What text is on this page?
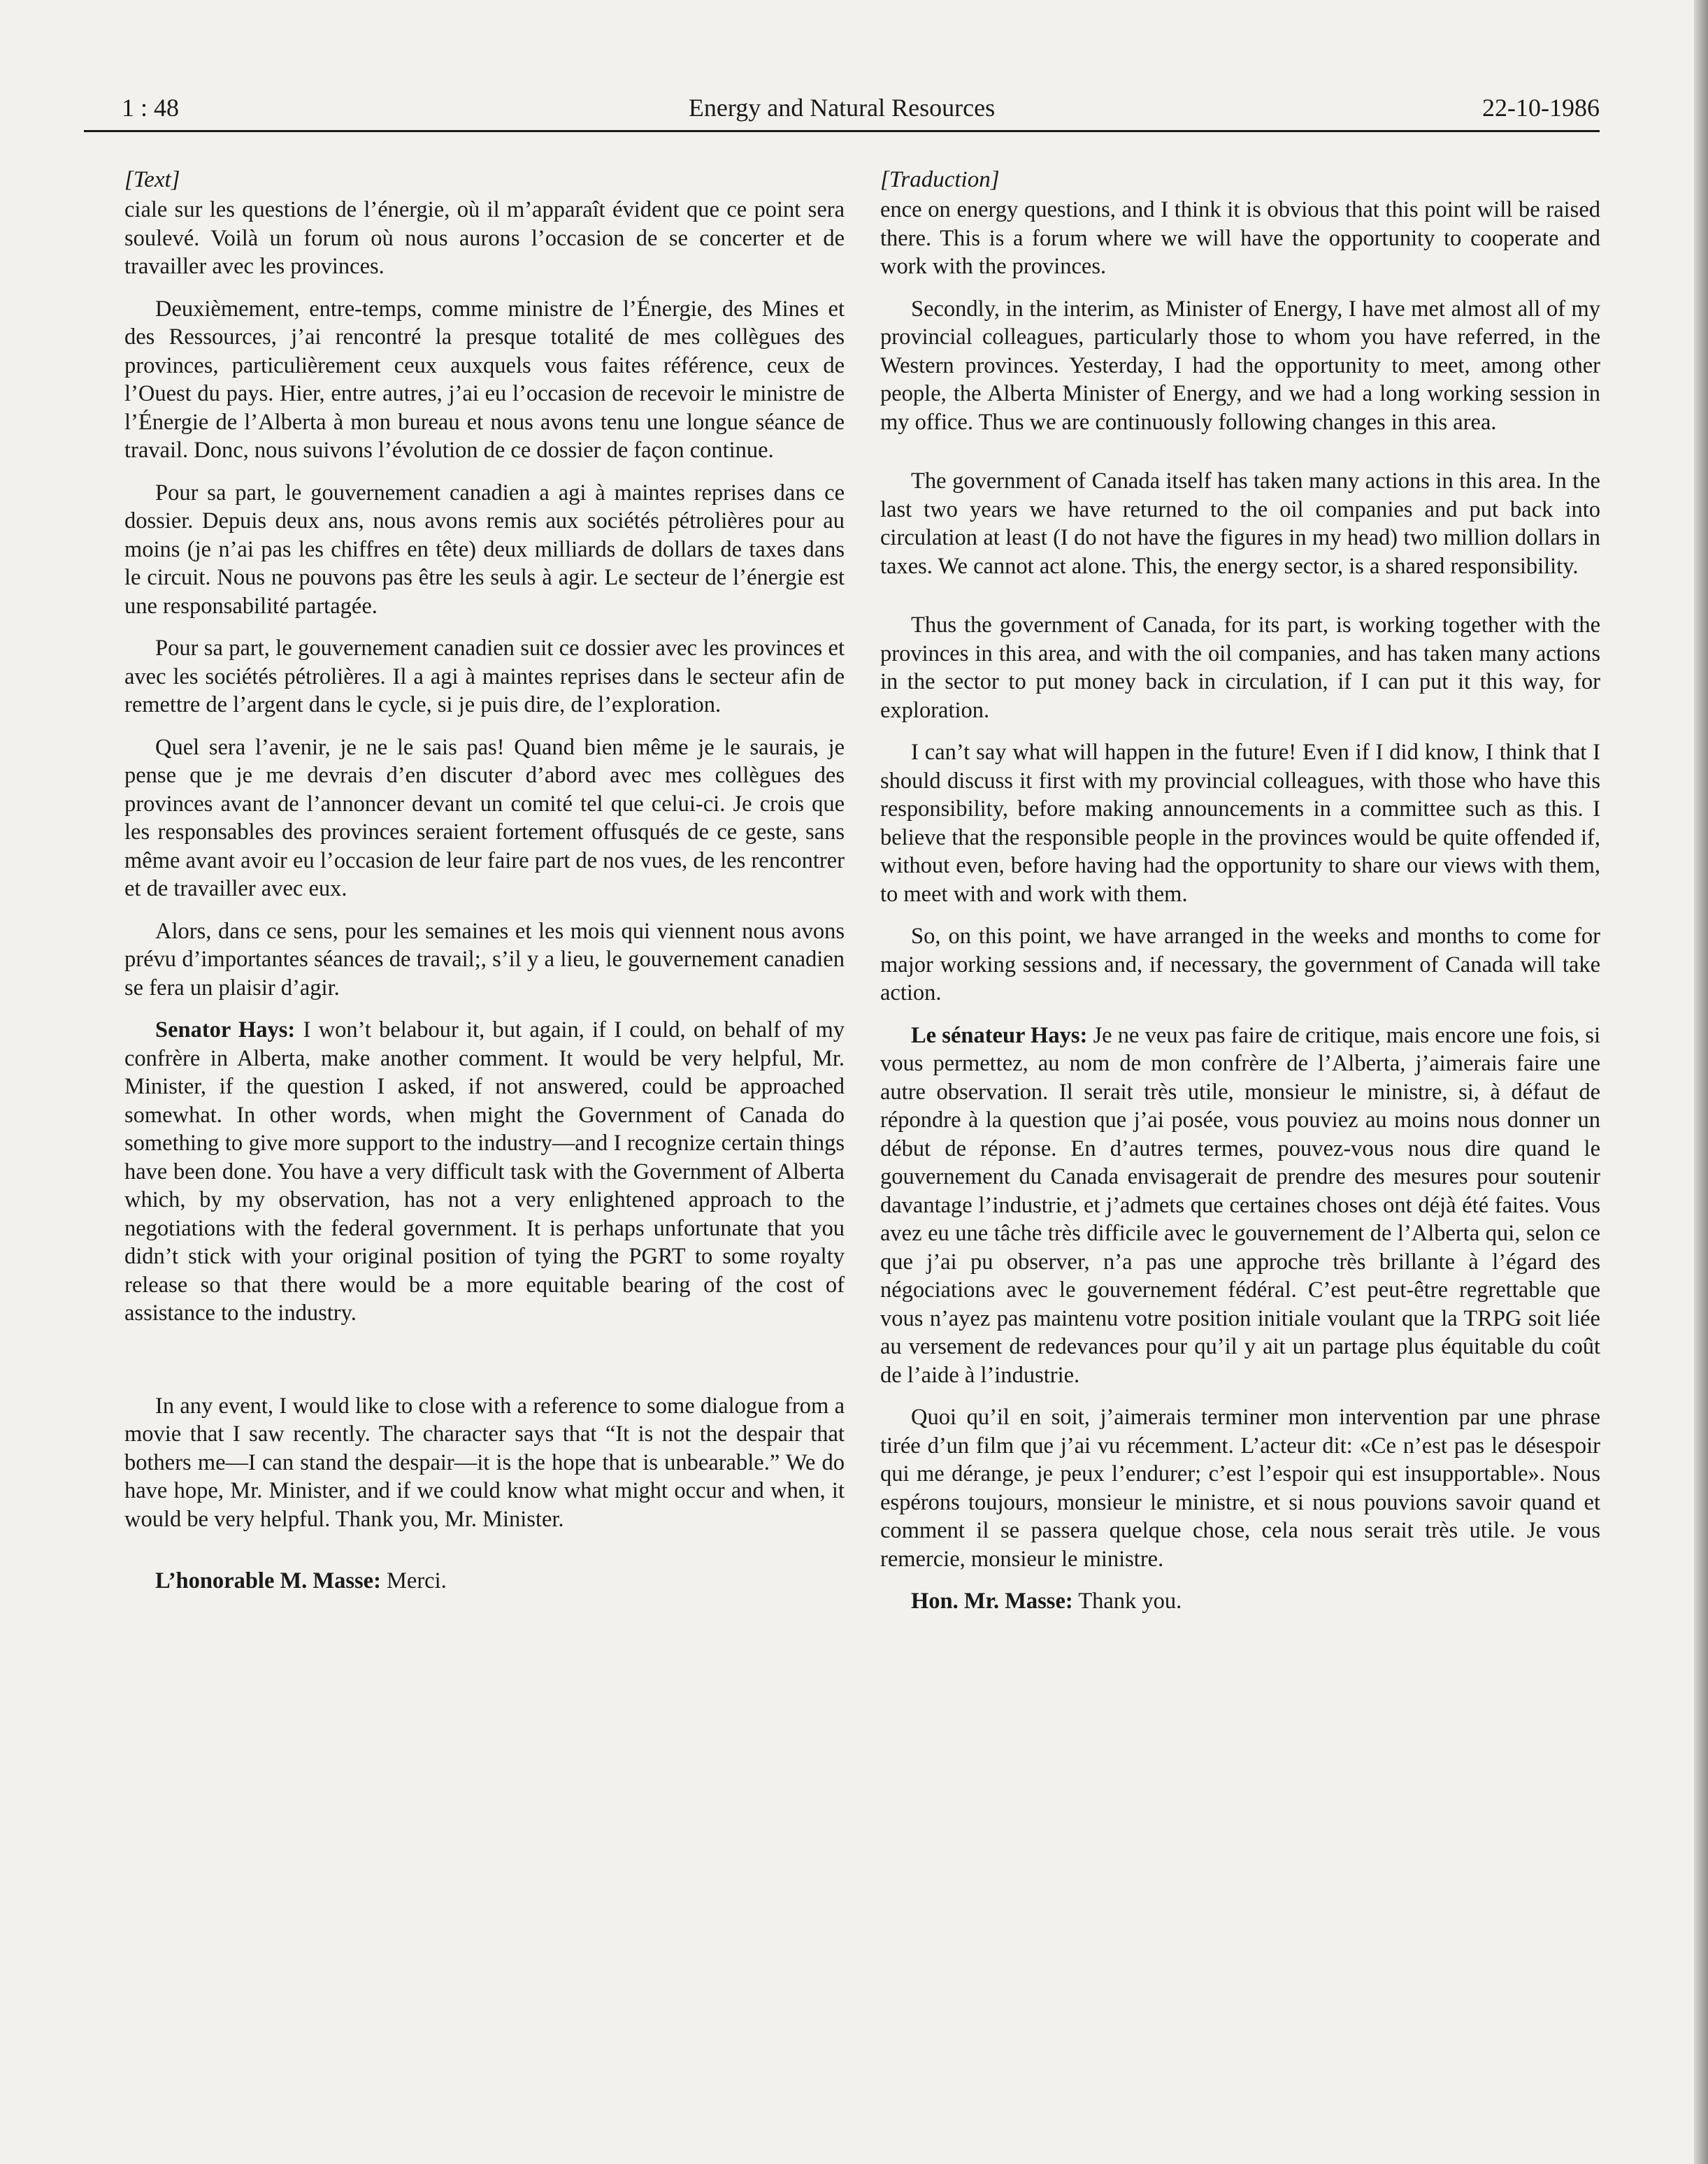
1 : 48	Energy and Natural Resources	22-10-1986
[Text]

ciale sur les questions de l’énergie, où il m’apparaît évident que ce point sera soulevé. Voilà un forum où nous aurons l’occasion de se concerter et de travailler avec les provinces.

Deuxièmement, entre-temps, comme ministre de l’Énergie, des Mines et des Ressources, j’ai rencontré la presque totalité de mes collègues des provinces, particulièrement ceux auxquels vous faites référence, ceux de l’Ouest du pays. Hier, entre autres, j’ai eu l’occasion de recevoir le ministre de l’Énergie de l’Alberta à mon bureau et nous avons tenu une longue séance de travail. Donc, nous suivons l’évolution de ce dossier de façon continue.

Pour sa part, le gouvernement canadien a agi à maintes reprises dans ce dossier. Depuis deux ans, nous avons remis aux sociétés pétrolières pour au moins (je n’ai pas les chiffres en tête) deux milliards de dollars de taxes dans le circuit. Nous ne pouvons pas être les seuls à agir. Le secteur de l’énergie est une responsabilité partagée.

Pour sa part, le gouvernement canadien suit ce dossier avec les provinces et avec les sociétés pétrolières. Il a agi à maintes reprises dans le secteur afin de remettre de l’argent dans le cycle, si je puis dire, de l’exploration.

Quel sera l’avenir, je ne le sais pas! Quand bien même je le saurais, je pense que je me devrais d’en discuter d’abord avec mes collègues des provinces avant de l’annoncer devant un comité tel que celui-ci. Je crois que les responsables des provinces seraient fortement offusqués de ce geste, sans même avant avoir eu l’occasion de leur faire part de nos vues, de les rencontrer et de travailler avec eux.

Alors, dans ce sens, pour les semaines et les mois qui viennent nous avons prévu d’importantes séances de travail;, s’il y a lieu, le gouvernement canadien se fera un plaisir d’agir.

Senator Hays: I won’t belabour it, but again, if I could, on behalf of my confrère in Alberta, make another comment. It would be very helpful, Mr. Minister, if the question I asked, if not answered, could be approached somewhat. In other words, when might the Government of Canada do something to give more support to the industry—and I recognize certain things have been done. You have a very difficult task with the Government of Alberta which, by my observation, has not a very enlightened approach to the negotiations with the federal government. It is perhaps unfortunate that you didn’t stick with your original position of tying the PGRT to some royalty release so that there would be a more equitable bearing of the cost of assistance to the industry.

In any event, I would like to close with a reference to some dialogue from a movie that I saw recently. The character says that “It is not the despair that bothers me—I can stand the despair—it is the hope that is unbearable.” We do have hope, Mr. Minister, and if we could know what might occur and when, it would be very helpful. Thank you, Mr. Minister.

L’honorable M. Masse: Merci.

[Traduction]

ence on energy questions, and I think it is obvious that this point will be raised there. This is a forum where we will have the opportunity to cooperate and work with the provinces.

Secondly, in the interim, as Minister of Energy, I have met almost all of my provincial colleagues, particularly those to whom you have referred, in the Western provinces. Yesterday, I had the opportunity to meet, among other people, the Alberta Minister of Energy, and we had a long working session in my office. Thus we are continuously following changes in this area.

The government of Canada itself has taken many actions in this area. In the last two years we have returned to the oil companies and put back into circulation at least (I do not have the figures in my head) two million dollars in taxes. We cannot act alone. This, the energy sector, is a shared responsibility.

Thus the government of Canada, for its part, is working together with the provinces in this area, and with the oil companies, and has taken many actions in the sector to put money back in circulation, if I can put it this way, for exploration.

I can’t say what will happen in the future! Even if I did know, I think that I should discuss it first with my provincial colleagues, with those who have this responsibility, before making announcements in a committee such as this. I believe that the responsible people in the provinces would be quite offended if, without even, before having had the opportunity to share our views with them, to meet with and work with them.

So, on this point, we have arranged in the weeks and months to come for major working sessions and, if necessary, the government of Canada will take action.

Le sénateur Hays: Je ne veux pas faire de critique, mais encore une fois, si vous permettez, au nom de mon confrère de l’Alberta, j’aimerais faire une autre observation. Il serait très utile, monsieur le ministre, si, à défaut de répondre à la question que j’ai posée, vous pouviez au moins nous donner un début de réponse. En d’autres termes, pouvez-vous nous dire quand le gouvernement du Canada envisagerait de prendre des mesures pour soutenir davantage l’industrie, et j’admets que certaines choses ont déjà été faites. Vous avez eu une tâche très difficile avec le gouvernement de l’Alberta qui, selon ce que j’ai pu observer, n’a pas une approche très brillante à l’égard des négociations avec le gouvernement fédéral. C’est peut-être regrettable que vous n’ayez pas maintenu votre position initiale voulant que la TRPG soit liée au versement de redevances pour qu’il y ait un partage plus équitable du coût de l’aide à l’industrie.

Quoi qu’il en soit, j’aimerais terminer mon intervention par une phrase tirée d’un film que j’ai vu récemment. L’acteur dit: «Ce n’est pas le désespoir qui me dérange, je peux l’endurer; c’est l’espoir qui est insupportable». Nous espérons toujours, monsieur le ministre, et si nous pouvions savoir quand et comment il se passera quelque chose, cela nous serait très utile. Je vous remercie, monsieur le ministre.

Hon. Mr. Masse: Thank you.
